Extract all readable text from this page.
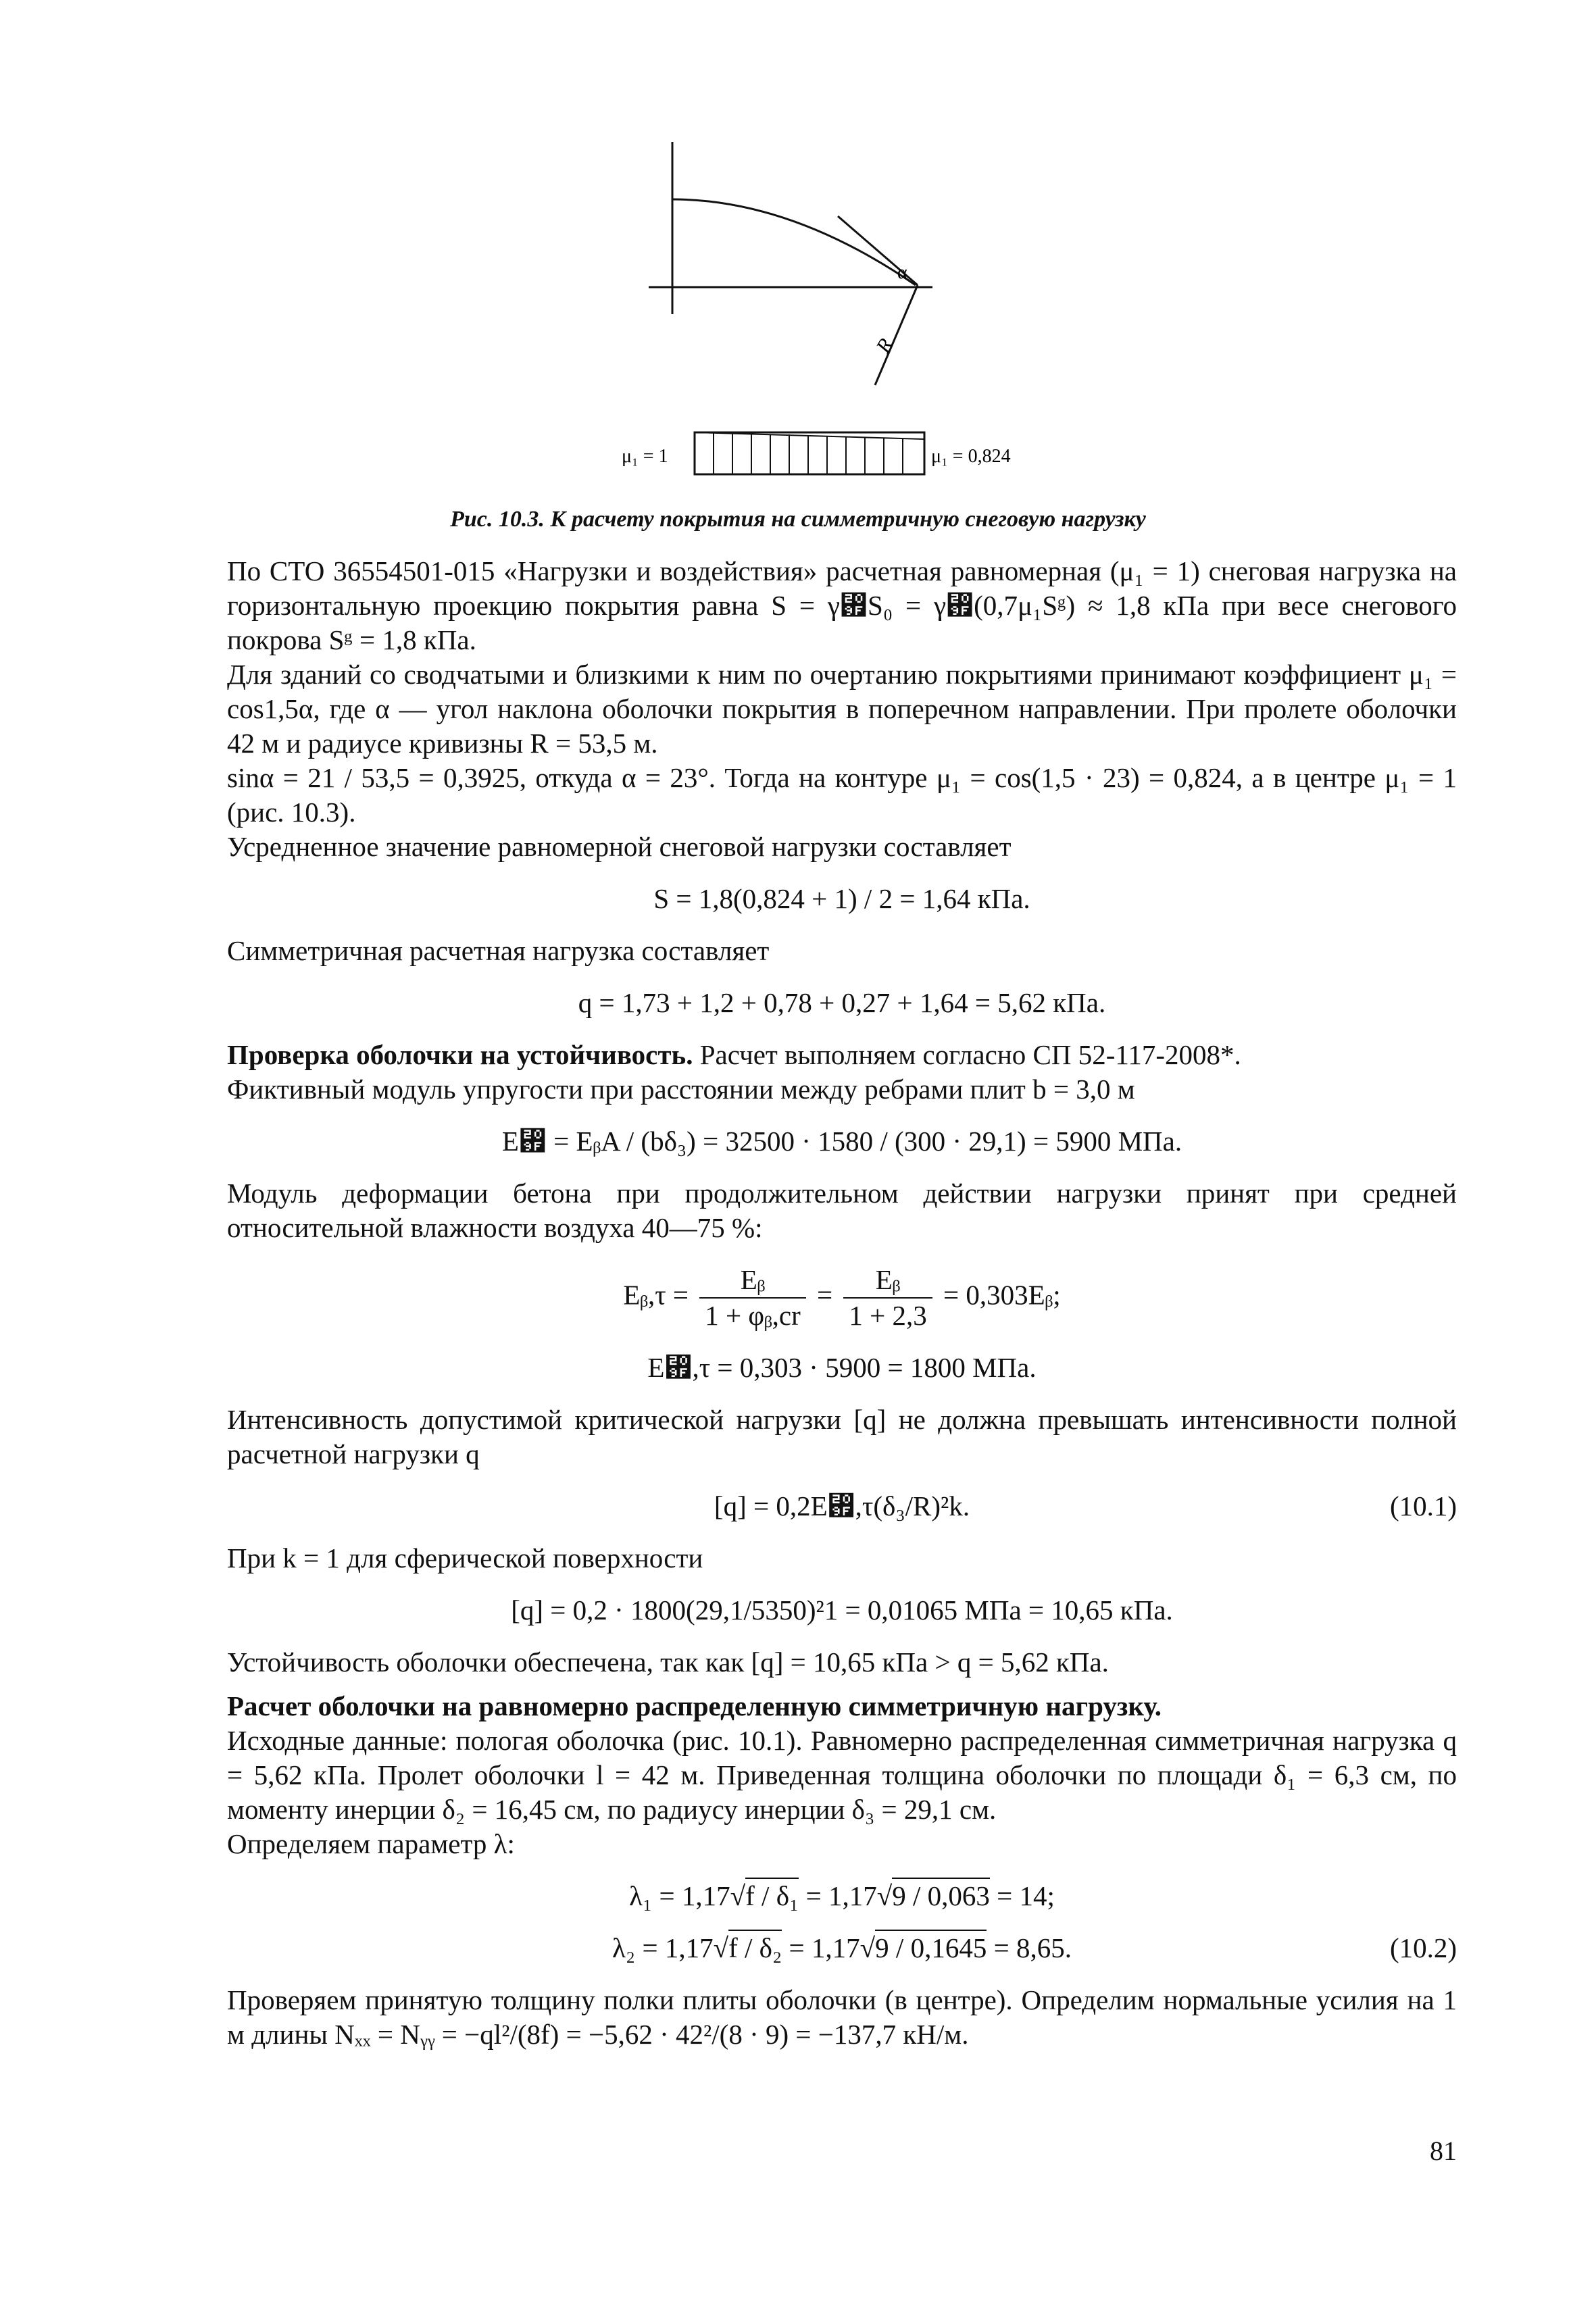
α
R
μ₁ = 1	μ₁ = 0,824
Рис. 10.3. К расчету покрытия на симметричную снеговую нагрузку

По СТО 36554501-015 «Нагрузки и воздействия» расчетная равномерная (μ₁ = 1) снеговая нагрузка на горизонтальную проекцию покрытия равна S = γ₟S₀ = γ₟(0,7μ₁Sᵍ) ≈ 1,8 кПа при весе снегового покрова Sᵍ = 1,8 кПа.

Для зданий со сводчатыми и близкими к ним по очертанию покрытиями принимают коэффициент μ₁ = cos1,5α, где α — угол наклона оболочки покрытия в поперечном направлении. При пролете оболочки 42 м и радиусе кривизны R = 53,5 м.

sinα = 21 / 53,5 = 0,3925, откуда α = 23°. Тогда на контуре μ₁ = cos(1,5 · 23) = 0,824, а в центре μ₁ = 1 (рис. 10.3).

Усредненное значение равномерной снеговой нагрузки составляет

S = 1,8(0,824 + 1) / 2 = 1,64 кПа.

Симметричная расчетная нагрузка составляет

q = 1,73 + 1,2 + 0,78 + 0,27 + 1,64 = 5,62 кПа.

Проверка оболочки на устойчивость. Расчет выполняем согласно СП 52-117-2008*.

Фиктивный модуль упругости при расстоянии между ребрами плит b = 3,0 м

E₟ = EᵦA / (bδ₃) = 32500 · 1580 / (300 · 29,1) = 5900 МПа.

Модуль деформации бетона при продолжительном действии нагрузки принят при средней относительной влажности воздуха 40—75 %:

Eᵦ,τ = $\frac{\text{Eᵦ}}{\text{1 + φᵦ,cr}} = \frac{\text{Eᵦ}}{1 + 2,3}$ = 0,303Eᵦ;
E₟,τ = 0,303 · 5900 = 1800 МПа.

Интенсивность допустимой критической нагрузки [q] не должна превышать интенсивности полной расчетной нагрузки q

[q] = 0,2E₟,τ(δ₃/R)²k.	(10.1)

При k = 1 для сферической поверхности

[q] = 0,2 · 1800(29,1/5350)²1 = 0,01065 МПа = 10,65 кПа.

Устойчивость оболочки обеспечена, так как [q] = 10,65 кПа > q = 5,62 кПа.

Расчет оболочки на равномерно распределенную симметричную нагрузку.

Исходные данные: пологая оболочка (рис. 10.1). Равномерно распределенная симметричная нагрузка q = 5,62 кПа. Пролет оболочки l = 42 м. Приведенная толщина оболочки по площади δ₁ = 6,3 см, по моменту инерции δ₂ = 16,45 см, по радиусу инерции δ₃ = 29,1 см.

Определяем параметр λ:

λ₁ = 1,17√f / δ₁ = 1,17√9 / 0,063 = 14;
λ₂ = 1,17√f / δ₂ = 1,17√9 / 0,1645 = 8,65.	(10.2)

Проверяем принятую толщину полки плиты оболочки (в центре). Определим нормальные усилия на 1 м длины Nₓₓ = Nᵧᵧ = −ql²/(8f) = −5,62 · 42²/(8 · 9) = −137,7 кН/м.

81
